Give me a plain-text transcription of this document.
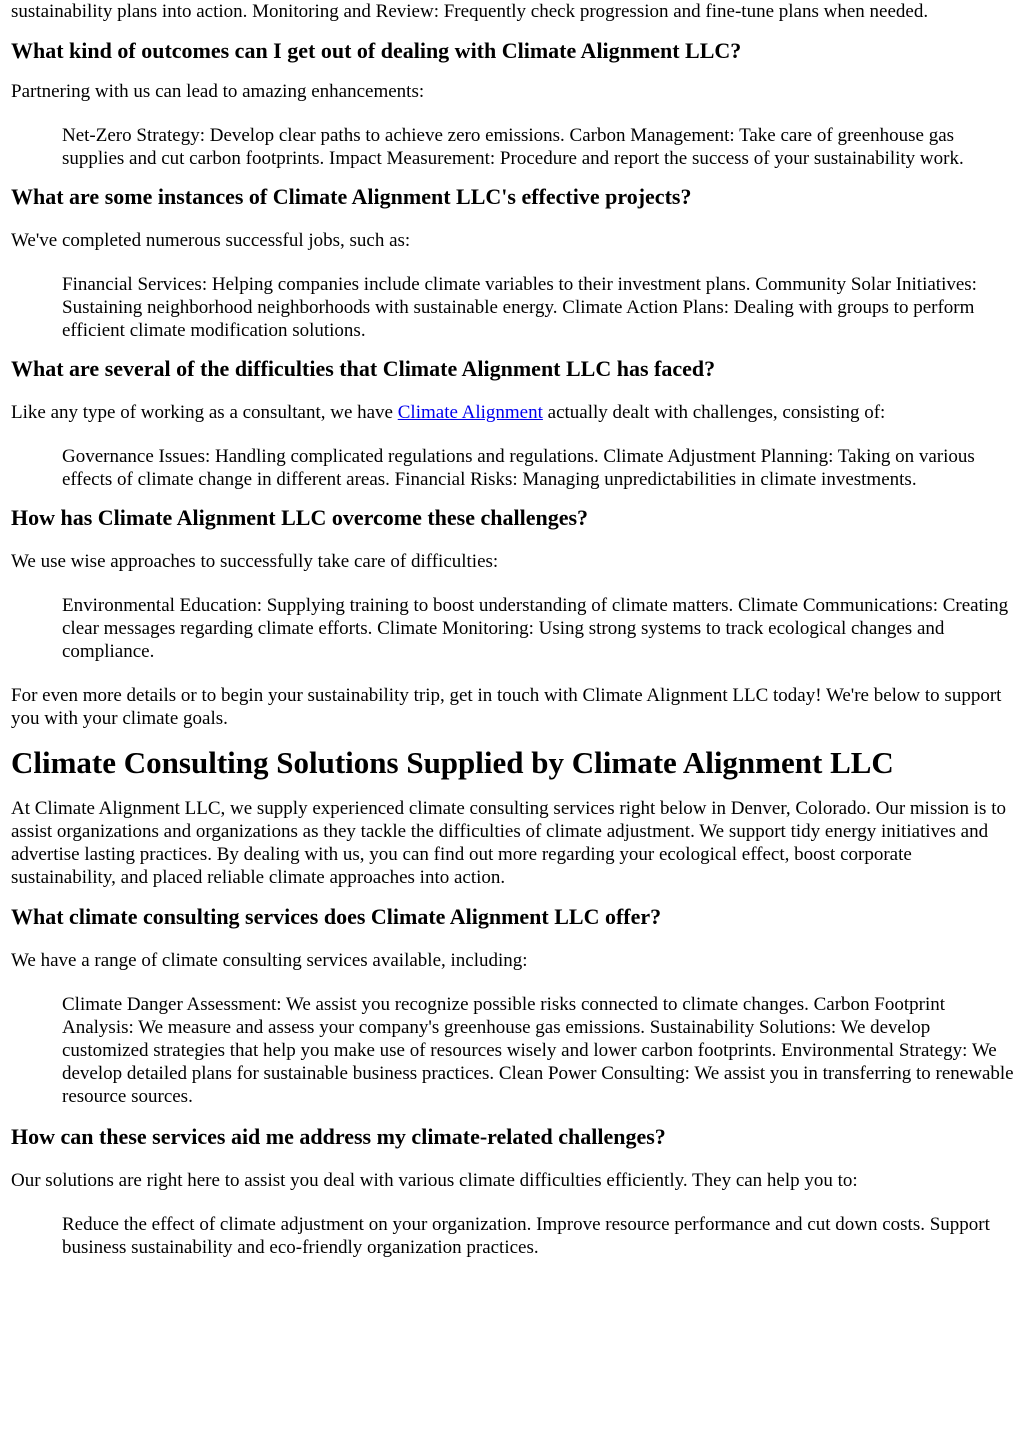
sustainability plans into action. Monitoring and Review: Frequently check progression and fine-tune plans when needed.

What kind of outcomes can I get out of dealing with Climate Alignment LLC?

Partnering with us can lead to amazing enhancements:

Net-Zero Strategy: Develop clear paths to achieve zero emissions. Carbon Management: Take care of greenhouse gas supplies and cut carbon footprints. Impact Measurement: Procedure and report the success of your sustainability work.
What are some instances of Climate Alignment LLC's effective projects?

We've completed numerous successful jobs, such as:

Financial Services: Helping companies include climate variables to their investment plans. Community Solar Initiatives: Sustaining neighborhood neighborhoods with sustainable energy. Climate Action Plans: Dealing with groups to perform efficient climate modification solutions.
What are several of the difficulties that Climate Alignment LLC has faced?

Like any type of working as a consultant, we have Climate Alignment actually dealt with challenges, consisting of:

Governance Issues: Handling complicated regulations and regulations. Climate Adjustment Planning: Taking on various effects of climate change in different areas. Financial Risks: Managing unpredictabilities in climate investments.
How has Climate Alignment LLC overcome these challenges?

We use wise approaches to successfully take care of difficulties:

Environmental Education: Supplying training to boost understanding of climate matters. Climate Communications: Creating clear messages regarding climate efforts. Climate Monitoring: Using strong systems to track ecological changes and compliance.

For even more details or to begin your sustainability trip, get in touch with Climate Alignment LLC today! We're below to support you with your climate goals.

Climate Consulting Solutions Supplied by Climate Alignment LLC

At Climate Alignment LLC, we supply experienced climate consulting services right below in Denver, Colorado. Our mission is to assist organizations and organizations as they tackle the difficulties of climate adjustment. We support tidy energy initiatives and advertise lasting practices. By dealing with us, you can find out more regarding your ecological effect, boost corporate sustainability, and placed reliable climate approaches into action.

What climate consulting services does Climate Alignment LLC offer?

We have a range of climate consulting services available, including:

Climate Danger Assessment: We assist you recognize possible risks connected to climate changes. Carbon Footprint Analysis: We measure and assess your company's greenhouse gas emissions. Sustainability Solutions: We develop customized strategies that help you make use of resources wisely and lower carbon footprints. Environmental Strategy: We develop detailed plans for sustainable business practices. Clean Power Consulting: We assist you in transferring to renewable resource sources.
How can these services aid me address my climate-related challenges?

Our solutions are right here to assist you deal with various climate difficulties efficiently. They can help you to:

Reduce the effect of climate adjustment on your organization. Improve resource performance and cut down costs. Support business sustainability and eco-friendly organization practices.
